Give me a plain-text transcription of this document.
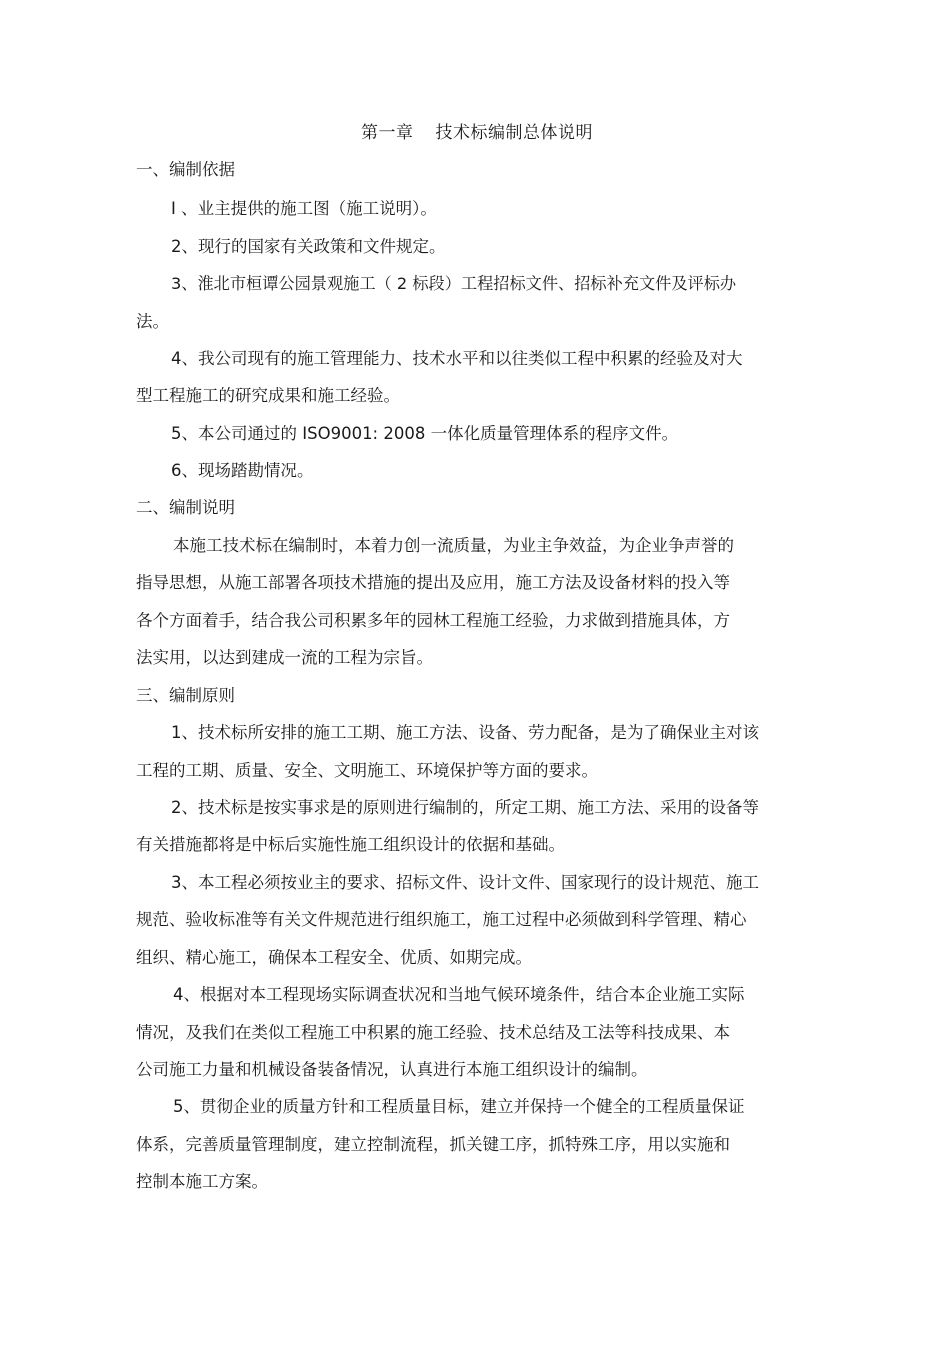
第一章 技术标编制总体说明
一、编制依据
I 、业主提供的施工图（施工说明）。
2、现行的国家有关政策和文件规定。
3、淮北市桓谭公园景观施工（ 2 标段）工程招标文件、招标补充文件及评标办
法。
4、我公司现有的施工管理能力、技术水平和以往类似工程中积累的经验及对大
型工程施工的研究成果和施工经验。
5、本公司通过的 ISO9001: 2008 一体化质量管理体系的程序文件。
6、现场踏勘情况。
二、编制说明
本施工技术标在编制时，本着力创一流质量，为业主争效益，为企业争声誉的
指导思想，从施工部署各项技术措施的提出及应用，施工方法及设备材料的投入等
各个方面着手，结合我公司积累多年的园林工程施工经验，力求做到措施具体，方
法实用，以达到建成一流的工程为宗旨。
三、编制原则
1、技术标所安排的施工工期、施工方法、设备、劳力配备，是为了确保业主对该
工程的工期、质量、安全、文明施工、环境保护等方面的要求。
2、技术标是按实事求是的原则进行编制的，所定工期、施工方法、采用的设备等
有关措施都将是中标后实施性施工组织设计的依据和基础。
3、本工程必须按业主的要求、招标文件、设计文件、国家现行的设计规范、施工
规范、验收标准等有关文件规范进行组织施工，施工过程中必须做到科学管理、精心
组织、精心施工，确保本工程安全、优质、如期完成。
4、根据对本工程现场实际调查状况和当地气候环境条件，结合本企业施工实际
情况，及我们在类似工程施工中积累的施工经验、技术总结及工法等科技成果、本
公司施工力量和机械设备装备情况，认真进行本施工组织设计的编制。
5、贯彻企业的质量方针和工程质量目标，建立并保持一个健全的工程质量保证
体系，完善质量管理制度，建立控制流程，抓关键工序，抓特殊工序，用以实施和
控制本施工方案。
